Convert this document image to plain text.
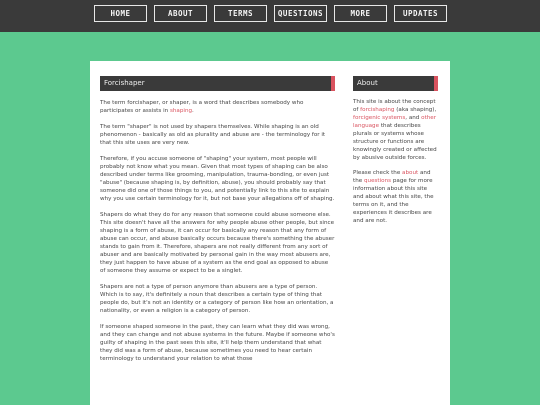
HOME	ABOUT	TERMS	QUESTIONS	MORE	UPDATES
Forcishaper

The term forcishaper, or shaper, is a word that describes somebody who participates or assists in shaping.

The term "shaper" is not used by shapers themselves. While shaping is an old phenomenon - basically as old as plurality and abuse are - the terminology for it that this site uses are very new.

Therefore, if you accuse someone of "shaping" your system, most people will probably not know what you mean. Given that most types of shaping can be also described under terms like grooming, manipulation, trauma-bonding, or even just "abuse" (because shaping is, by definition, abuse), you should probably say that someone did one of those things to you, and potentially link to this site to explain why you use certain terminology for it, but not base your allegations off of shaping.

Shapers do what they do for any reason that someone could abuse someone else. This site doesn't have all the answers for why people abuse other people, but since shaping is a form of abuse, it can occur for basically any reason that any form of abuse can occur, and abuse basically occurs because there's something the abuser stands to gain from it. Therefore, shapers are not really different from any sort of abuser and are basically motivated by personal gain in the way most abusers are, they just happen to have abuse of a system as the end goal as opposed to abuse of someone they assume or expect to be a singlet.

Shapers are not a type of person anymore than abusers are a type of person. Which is to say, it's definitely a noun that describes a certain type of thing that people do, but it's not an identity or a category of person like how an orientation, a nationality, or even a religion is a category of person.

If someone shaped someone in the past, they can learn what they did was wrong, and they can change and not abuse systems in the future. Maybe if someone who's guilty of shaping in the past sees this site, it'll help them understand that what they did was a form of abuse, because sometimes you need to hear certain terminology to understand your relation to what those

About

This site is about the concept of forcishaping (aka shaping), forcigenic systems, and other language that describes plurals or systems whose structure or functions are knowingly created or affected by abusive outside forces.

Please check the about and the questions page for more information about this site and about what this site, the terms on it, and the experiences it describes are and are not.
